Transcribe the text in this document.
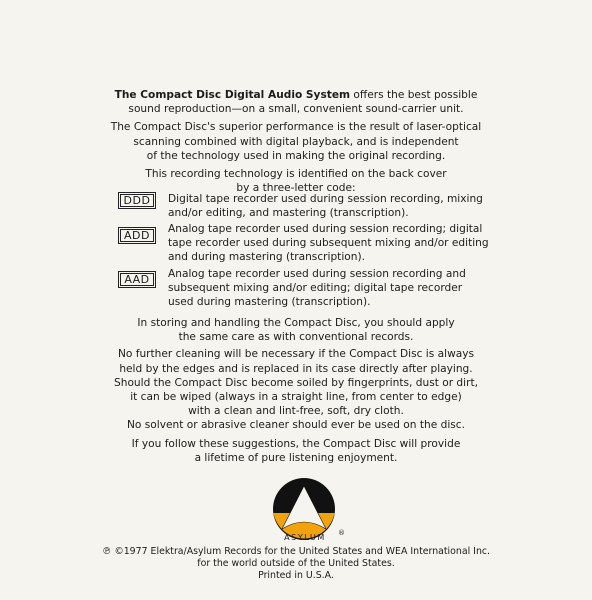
The Compact Disc Digital Audio System offers the best possible

sound reproduction—on a small, convenient sound-carrier unit.

The Compact Disc's superior performance is the result of laser-optical

scanning combined with digital playback, and is independent

of the technology used in making the original recording.

This recording technology is identified on the back cover

by a three-letter code:

DDD	Digital tape recorder used during session recording, mixing
and/or editing, and mastering (transcription).
ADD	Analog tape recorder used during session recording; digital
tape recorder used during subsequent mixing and/or editing
and during mastering (transcription).
AAD	Analog tape recorder used during session recording and
subsequent mixing and/or editing; digital tape recorder
used during mastering (transcription).

In storing and handling the Compact Disc, you should apply

the same care as with conventional records.

No further cleaning will be necessary if the Compact Disc is always

held by the edges and is replaced in its case directly after playing.

Should the Compact Disc become soiled by fingerprints, dust or dirt,

it can be wiped (always in a straight line, from center to edge)

with a clean and lint-free, soft, dry cloth.

No solvent or abrasive cleaner should ever be used on the disc.

If you follow these suggestions, the Compact Disc will provide

a lifetime of pure listening enjoyment.

®
ASYLUM

℗ ©1977 Elektra/Asylum Records for the United States and WEA International Inc.

for the world outside of the United States.

Printed in U.S.A.
